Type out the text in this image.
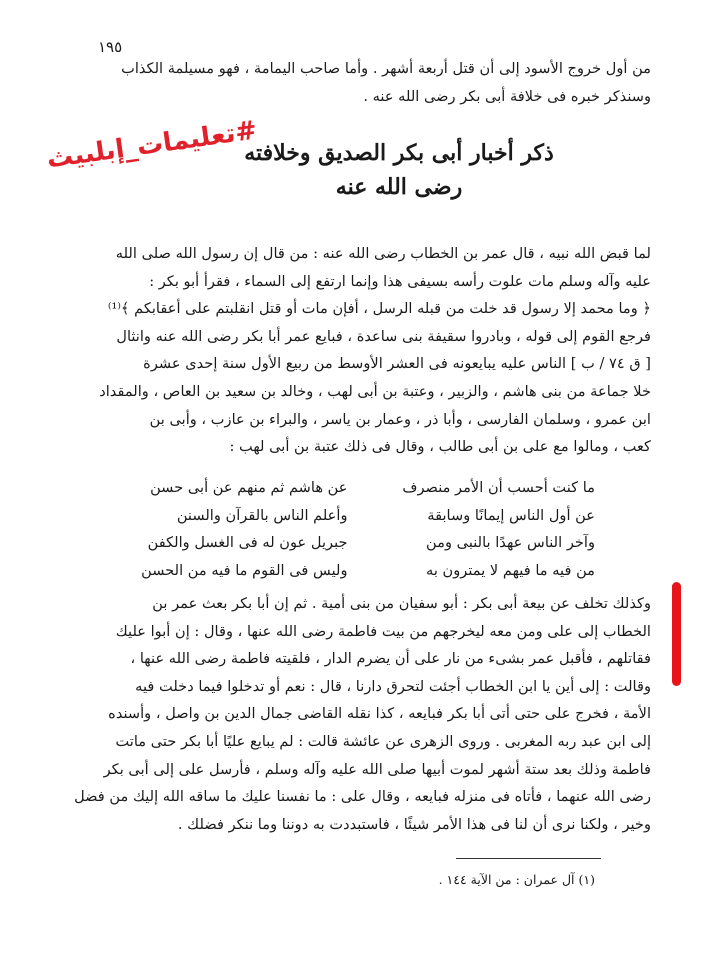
١٩٥
من أول خروج الأسود إلى أن قتل أربعة أشهر . وأما صاحب اليمامة ، فهو مسيلمة الكذاب
وسنذكر خبره فى خلافة أبى بكر رضى الله عنه .
ذكر أخبار أبى بكر الصديق وخلافته
رضى الله عنه
#تعليمات_إبلبيث
لما قبض الله نبيه ، قال عمر بن الخطاب رضى الله عنه : من قال إن رسول الله صلى الله
عليه وآله وسلم مات علوت رأسه بسيفى هذا وإنما ارتفع إلى السماء ، فقرأ أبو بكر :
﴿ وما محمد إلا رسول قد خلت من قبله الرسل ، أفإن مات أو قتل انقلبتم على أعقابكم ﴾⁽¹⁾
فرجع القوم إلى قوله ، وبادروا سقيفة بنى ساعدة ، فبايع عمر أبا بكر رضى الله عنه وانثال
[ ق ٧٤ / ب ] الناس عليه يبايعونه فى العشر الأوسط من ربيع الأول سنة إحدى عشرة
خلا جماعة من بنى هاشم ، والزبير ، وعتبة بن أبى لهب ، وخالد بن سعيد بن العاص ، والمقداد
ابن عمرو ، وسلمان الفارسى ، وأبا ذر ، وعمار بن ياسر ، والبراء بن عازب ، وأبى بن
كعب ، ومالوا مع على بن أبى طالب ، وقال فى ذلك عتبة بن أبى لهب :
ما كنت أحسب أن الأمر منصرف
عن هاشم ثم منهم عن أبى حسن
عن أول الناس إيمانًا وسابقة
وأعلم الناس بالقرآن والسنن
وآخر الناس عهدًا بالنبى ومن
جبريل عون له فى الغسل والكفن
من فيه ما فيهم لا يمترون به
وليس فى القوم ما فيه من الحسن
وكذلك تخلف عن بيعة أبى بكر : أبو سفيان من بنى أمية . ثم إن أبا بكر بعث عمر بن
الخطاب إلى على ومن معه ليخرجهم من بيت فاطمة رضى الله عنها ، وقال : إن أبوا عليك
فقاتلهم ، فأقبل عمر بشىء من نار على أن يضرم الدار ، فلقيته فاطمة رضى الله عنها ،
وقالت : إلى أين يا ابن الخطاب أجئت لتحرق دارنا ، قال : نعم أو تدخلوا فيما دخلت فيه
الأمة ، فخرج على حتى أتى أبا بكر فبايعه ، كذا نقله القاضى جمال الدين بن واصل ، وأسنده
إلى ابن عبد ربه المغربى . وروى الزهرى عن عائشة قالت : لم يبايع عليًا أبا بكر حتى ماتت
فاطمة وذلك بعد ستة أشهر لموت أبيها صلى الله عليه وآله وسلم ، فأرسل على إلى أبى بكر
رضى الله عنهما ، فأتاه فى منزله فبايعه ، وقال على : ما نفسنا عليك ما ساقه الله إليك من فضل
وخير ، ولكنا نرى أن لنا فى هذا الأمر شيئًا ، فاستبددت به دوننا وما ننكر فضلك .
(١) آل عمران : من الآية ١٤٤ .
